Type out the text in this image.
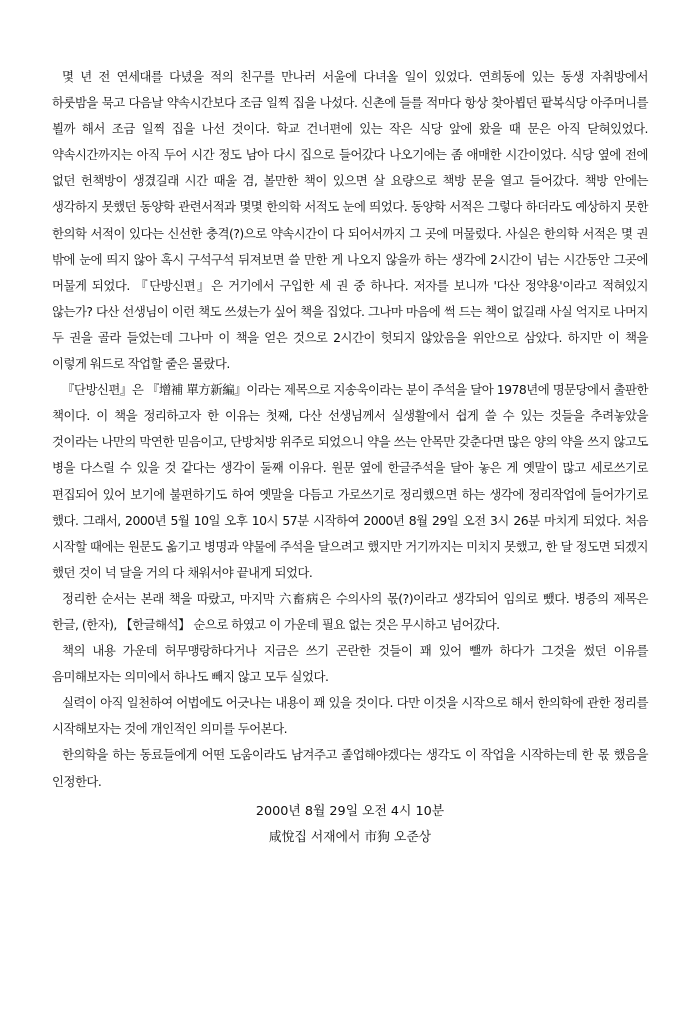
몇 년 전 연세대를 다녔을 적의 친구를 만나러 서울에 다녀올 일이 있었다. 연희동에 있는 동생 자취방에서 하룻밤을 묵고 다음날 약속시간보다 조금 일찍 집을 나섰다. 신촌에 들를 적마다 항상 찾아뵙던 팥복식당 아주머니를 뵐까 해서 조금 일찍 집을 나선 것이다. 학교 건너편에 있는 작은 식당 앞에 왔을 때 문은 아직 닫혀있었다. 약속시간까지는 아직 두어 시간 정도 남아 다시 집으로 들어갔다 나오기에는 좀 애매한 시간이었다. 식당 옆에 전에 없던 헌책방이 생겼길래 시간 때울 겸, 볼만한 책이 있으면 살 요량으로 책방 문을 열고 들어갔다. 책방 안에는 생각하지 못했던 동양학 관련서적과 몇몇 한의학 서적도 눈에 띄었다. 동양학 서적은 그렇다 하더라도 예상하지 못한 한의학 서적이 있다는 신선한 충격(?)으로 약속시간이 다 되어서까지 그 곳에 머물렀다. 사실은 한의학 서적은 몇 권 밖에 눈에 띄지 않아 혹시 구석구석 뒤져보면 쓸 만한 게 나오지 않을까 하는 생각에 2시간이 넘는 시간동안 그곳에 머물게 되었다. 『단방신편』은 거기에서 구입한 세 권 중 하나다. 저자를 보니까 '다산 정약용'이라고 적혀있지 않는가? 다산 선생님이 이런 책도 쓰셨는가 싶어 책을 집었다. 그나마 마음에 썩 드는 책이 없길래 사실 억지로 나머지 두 권을 골라 들었는데 그나마 이 책을 얻은 것으로 2시간이 헛되지 않았음을 위안으로 삼았다. 하지만 이 책을 이렇게 워드로 작업할 줄은 몰랐다.

『단방신편』은 『增補 單方新編』이라는 제목으로 지송욱이라는 분이 주석을 달아 1978년에 명문당에서 출판한 책이다. 이 책을 정리하고자 한 이유는 첫째, 다산 선생님께서 실생활에서 쉽게 쓸 수 있는 것들을 추려놓았을 것이라는 나만의 막연한 믿음이고, 단방처방 위주로 되었으니 약을 쓰는 안목만 갖춘다면 많은 양의 약을 쓰지 않고도 병을 다스릴 수 있을 것 같다는 생각이 둘째 이유다. 원문 옆에 한글주석을 달아 놓은 게 옛말이 많고 세로쓰기로 편집되어 있어 보기에 불편하기도 하여 옛말을 다듬고 가로쓰기로 정리했으면 하는 생각에 정리작업에 들어가기로 했다. 그래서, 2000년 5월 10일 오후 10시 57분 시작하여 2000년 8월 29일 오전 3시 26분 마치게 되었다. 처음 시작할 때에는 원문도 옮기고 병명과 약물에 주석을 달으려고 했지만 거기까지는 미치지 못했고, 한 달 정도면 되겠지 했던 것이 넉 달을 거의 다 채워서야 끝내게 되었다.

정리한 순서는 본래 책을 따랐고, 마지막 六畜病은 수의사의 몫(?)이라고 생각되어 임의로 뺐다. 병증의 제목은 한글, (한자), 【한글해석】 순으로 하였고 이 가운데 필요 없는 것은 무시하고 넘어갔다.

책의 내용 가운데 허무맹랑하다거나 지금은 쓰기 곤란한 것들이 꽤 있어 뺄까 하다가 그것을 썼던 이유를 음미해보자는 의미에서 하나도 빼지 않고 모두 실었다.

실력이 아직 일천하여 어법에도 어긋나는 내용이 꽤 있을 것이다. 다만 이것을 시작으로 해서 한의학에 관한 정리를 시작해보자는 것에 개인적인 의미를 두어본다.

한의학을 하는 동료들에게 어떤 도움이라도 남겨주고 졸업해야겠다는 생각도 이 작업을 시작하는데 한 몫 했음을 인정한다.

2000년 8월 29일 오전 4시 10분

咸悅집 서재에서 市狗 오준상
